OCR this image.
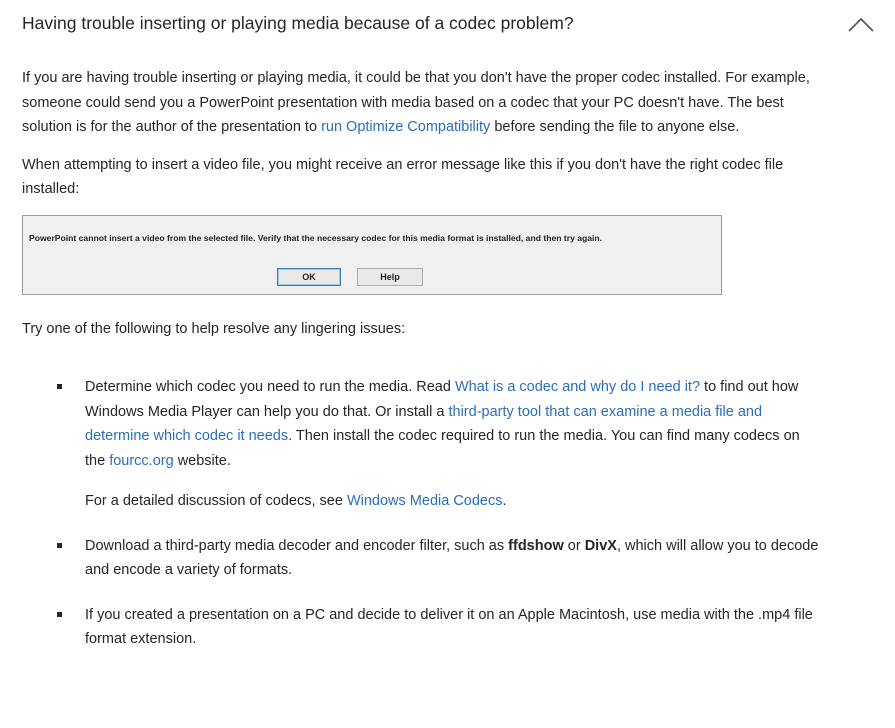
Having trouble inserting or playing media because of a codec problem?

If you are having trouble inserting or playing media, it could be that you don't have the proper codec installed. For example, someone could send you a PowerPoint presentation with media based on a codec that your PC doesn't have. The best solution is for the author of the presentation to run Optimize Compatibility before sending the file to anyone else.

When attempting to insert a video file, you might receive an error message like this if you don't have the right codec file installed:

PowerPoint cannot insert a video from the selected file. Verify that the necessary codec for this media format is installed, and then try again.
OK	Help

Try one of the following to help resolve any lingering issues:

Determine which codec you need to run the media. Read What is a codec and why do I need it? to find out how Windows Media Player can help you do that. Or install a third-party tool that can examine a media file and determine which codec it needs. Then install the codec required to run the media. You can find many codecs on the fourcc.org website.

For a detailed discussion of codecs, see Windows Media Codecs.

Download a third-party media decoder and encoder filter, such as ffdshow or DivX, which will allow you to decode and encode a variety of formats.

If you created a presentation on a PC and decide to deliver it on an Apple Macintosh, use media with the .mp4 file format extension.
